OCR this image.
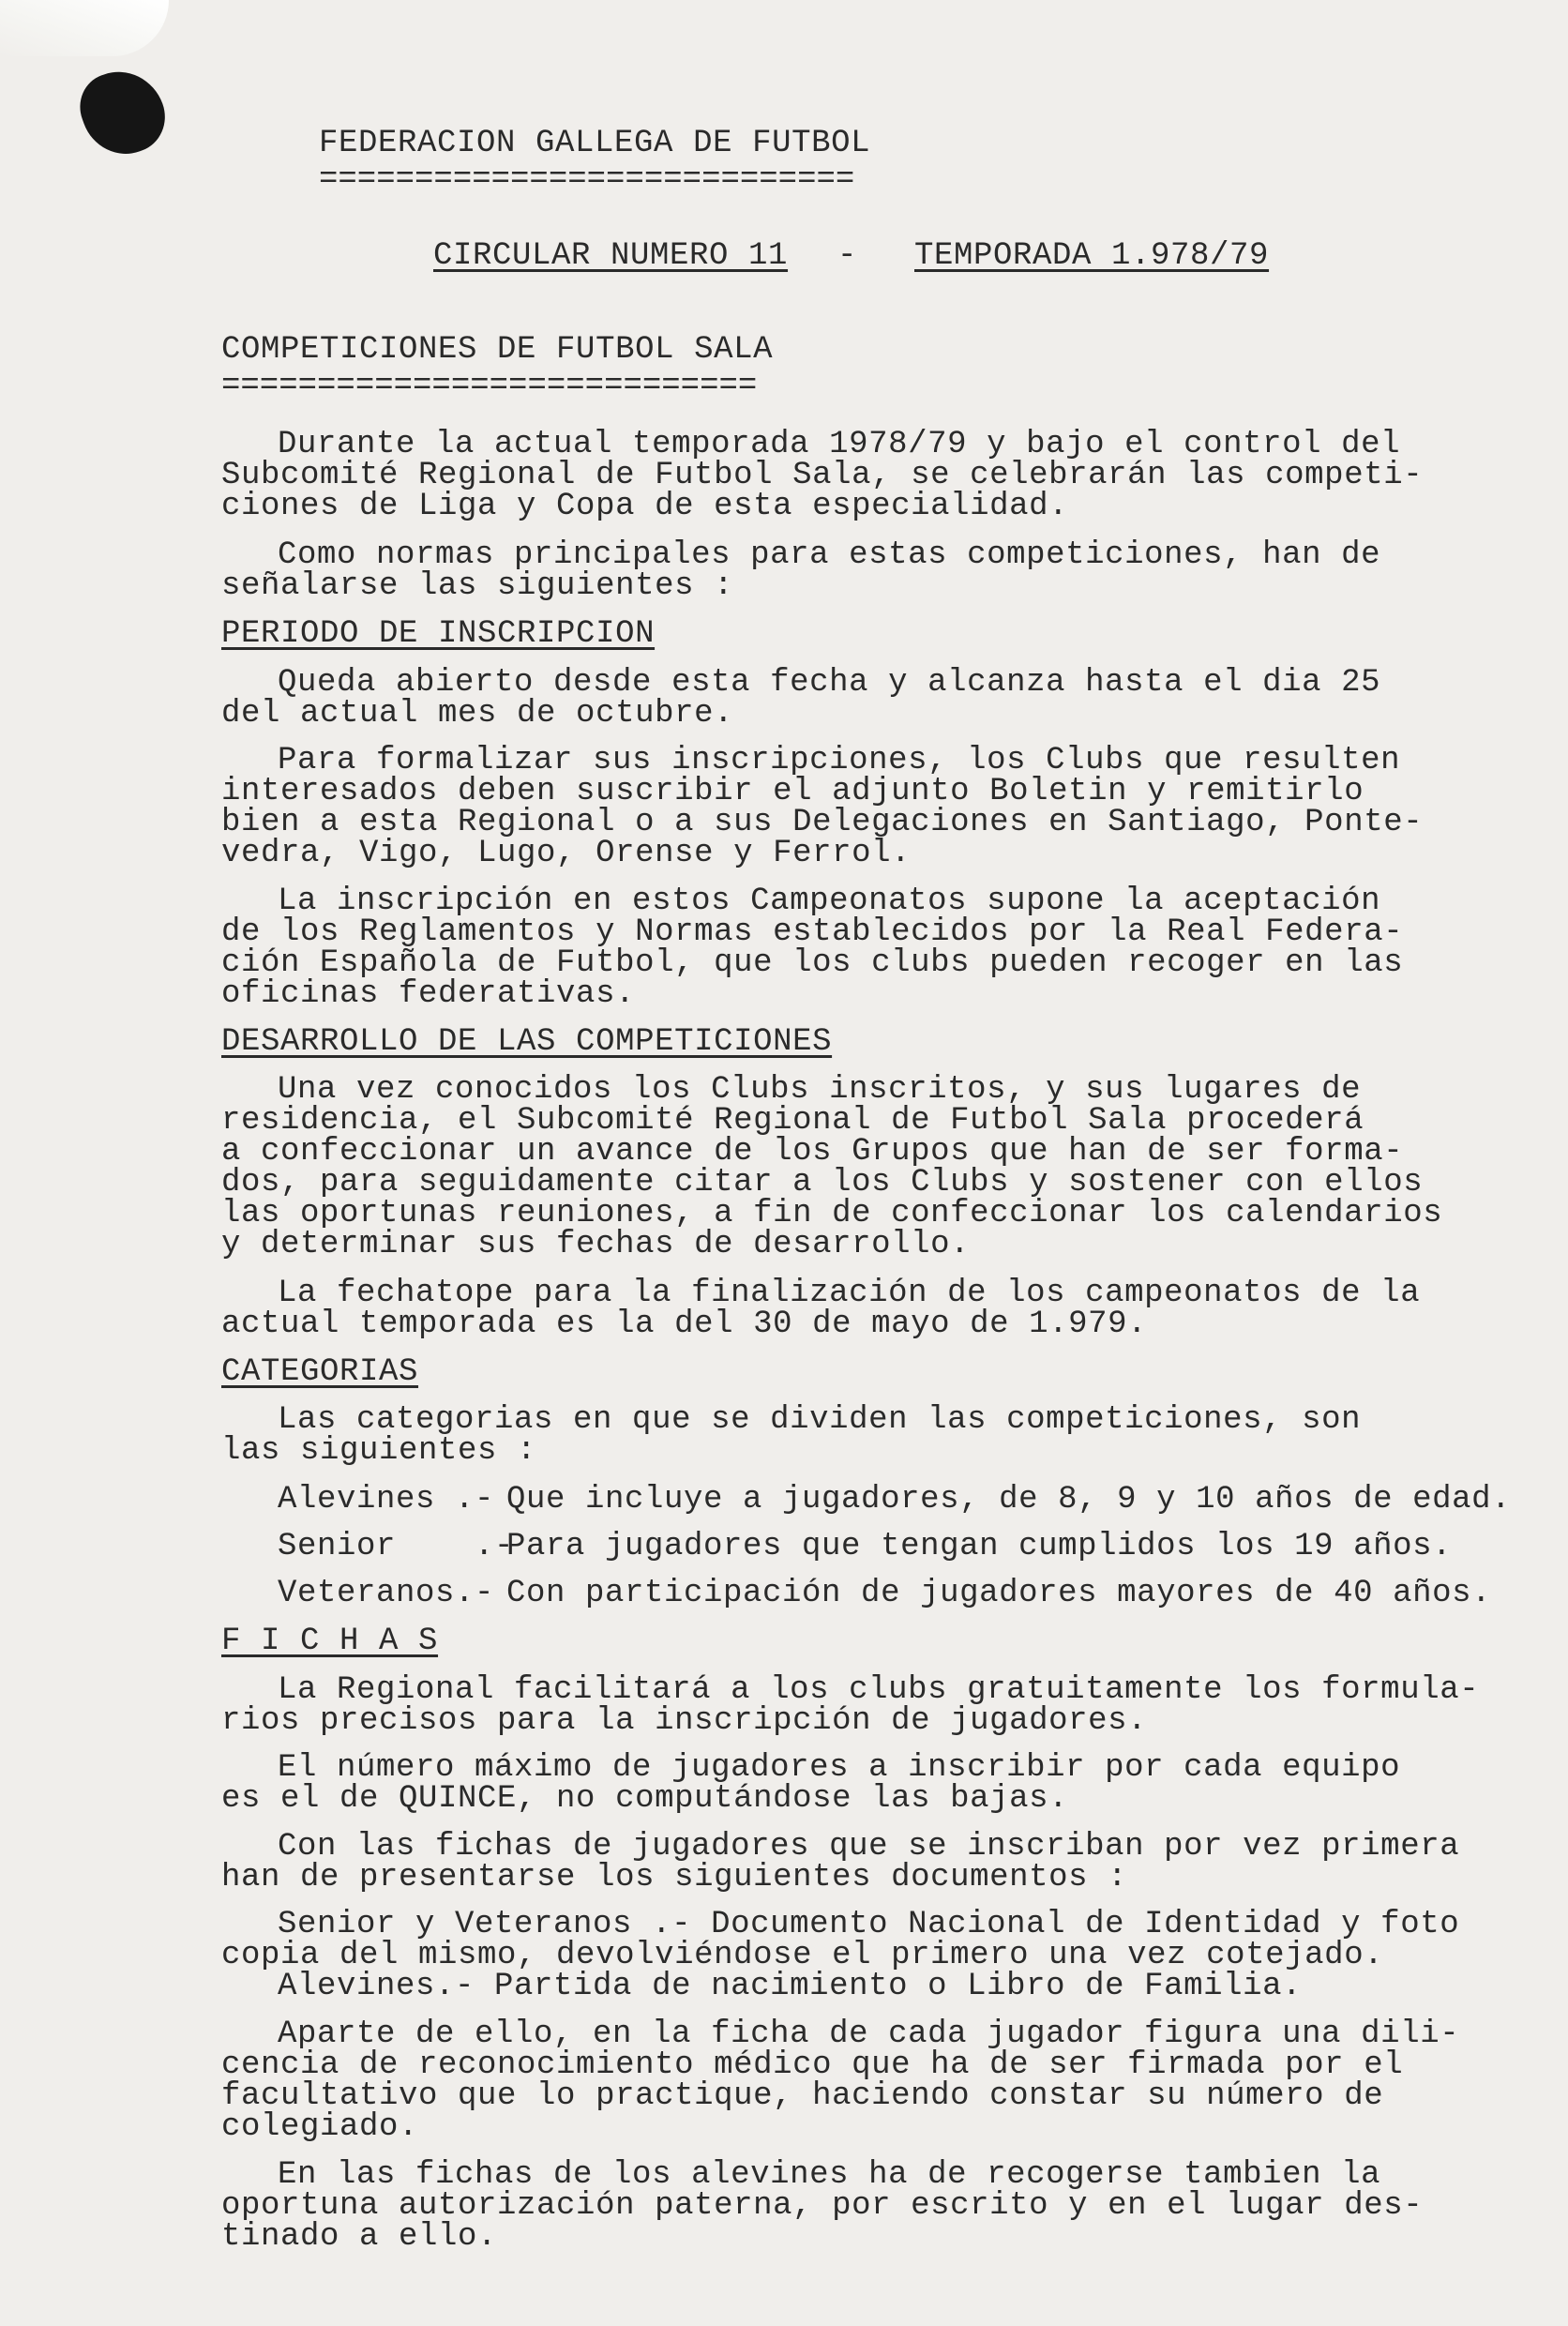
FEDERACION GALLEGA DE FUTBOL
============================
CIRCULAR NUMERO 11 - TEMPORADA 1.978/79
COMPETICIONES DE FUTBOL SALA
============================
Durante la actual temporada 1978/79 y bajo el control del
Subcomité Regional de Futbol Sala, se celebrarán las competi-
ciones de Liga y Copa de esta especialidad.
Como normas principales para estas competiciones, han de
señalarse las siguientes :
PERIODO DE INSCRIPCION
Queda abierto desde esta fecha y alcanza hasta el dia 25
del actual mes de octubre.
Para formalizar sus inscripciones, los Clubs que resulten
interesados deben suscribir el adjunto Boletin y remitirlo
bien a esta Regional o a sus Delegaciones en Santiago, Ponte-
vedra, Vigo, Lugo, Orense y Ferrol.
La inscripción en estos Campeonatos supone la aceptación
de los Reglamentos y Normas establecidos por la Real Federa-
ción Española de Futbol, que los clubs pueden recoger en las
oficinas federativas.
DESARROLLO DE LAS COMPETICIONES
Una vez conocidos los Clubs inscritos, y sus lugares de
residencia, el Subcomité Regional de Futbol Sala procederá
a confeccionar un avance de los Grupos que han de ser forma-
dos, para seguidamente citar a los Clubs y sostener con ellos
las oportunas reuniones, a fin de confeccionar los calendarios
y determinar sus fechas de desarrollo.
La fechatope para la finalización de los campeonatos de la
actual temporada es la del 30 de mayo de 1.979.
CATEGORIAS
Las categorias en que se dividen las competiciones, son
las siguientes :
Alevines .- Que incluye a jugadores, de 8, 9 y 10 años de edad.
Senior    .-
Para jugadores que tengan cumplidos los 19 años.
Veteranos.- Con participación de jugadores mayores de 40 años.
F I C H A S
La Regional facilitará a los clubs gratuitamente los formula-
rios precisos para la inscripción de jugadores.
El número máximo de jugadores a inscribir por cada equipo
es el de QUINCE, no computándose las bajas.
Con las fichas de jugadores que se inscriban por vez primera
han de presentarse los siguientes documentos :
Senior y Veteranos .- Documento Nacional de Identidad y foto
copia del mismo, devolviéndose el primero una vez cotejado.
Alevines.- Partida de nacimiento o Libro de Familia.
Aparte de ello, en la ficha de cada jugador figura una dili-
cencia de reconocimiento médico que ha de ser firmada por el
facultativo que lo practique, haciendo constar su número de
colegiado.
En las fichas de los alevines ha de recogerse tambien la
oportuna autorización paterna, por escrito y en el lugar des-
tinado a ello.
